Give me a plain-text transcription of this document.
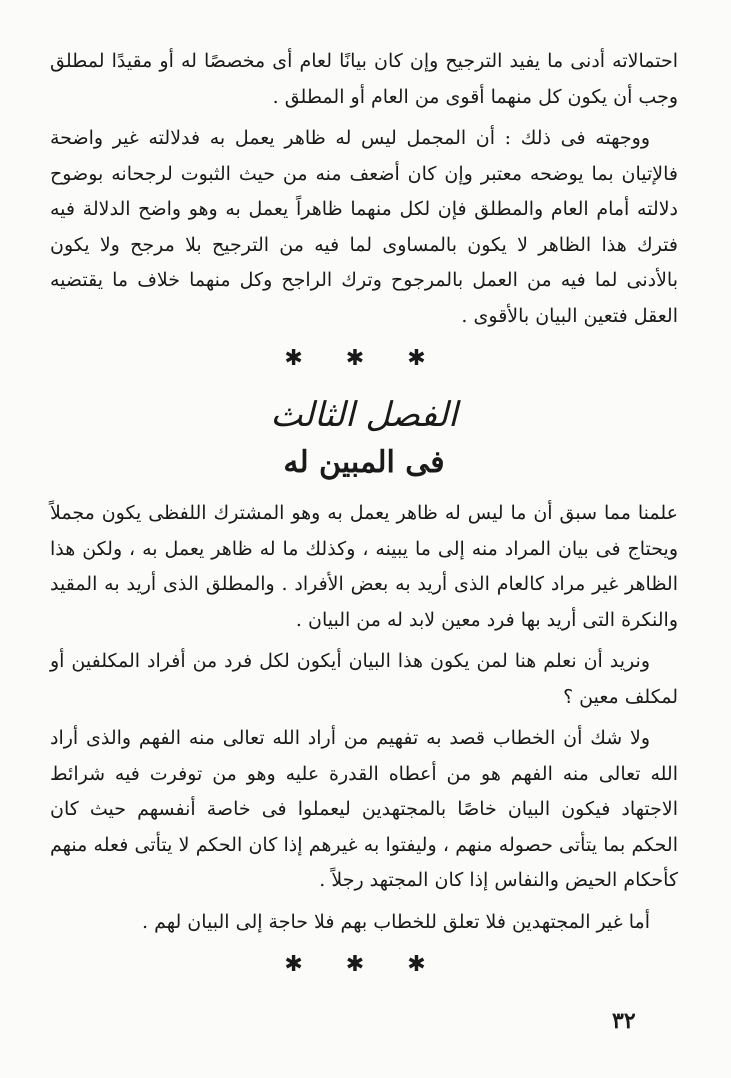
احتمالاته أدنى ما يفيد الترجيح وإن كان بيانًا لعام أى مخصصًا له أو مقيدًا لمطلق وجب أن يكون كل منهما أقوى من العام أو المطلق .

ووجهته فى ذلك : أن المجمل ليس له ظاهر يعمل به فدلالته غير واضحة فالإتيان بما يوضحه معتبر وإن كان أضعف منه من حيث الثبوت لرجحانه بوضوح دلالته أمام العام والمطلق فإن لكل منهما ظاهراً يعمل به وهو واضح الدلالة فيه فترك هذا الظاهر لا يكون بالمساوى لما فيه من الترجيح بلا مرجح ولا يكون بالأدنى لما فيه من العمل بالمرجوح وترك الراجح وكل منهما خلاف ما يقتضيه العقل فتعين البيان بالأقوى .

✱ ✱ ✱
الفصل الثالث
فى المبين له

علمنا مما سبق أن ما ليس له ظاهر يعمل به وهو المشترك اللفظى يكون مجملاً ويحتاج فى بيان المراد منه إلى ما يبينه ، وكذلك ما له ظاهر يعمل به ، ولكن هذا الظاهر غير مراد كالعام الذى أريد به بعض الأفراد . والمطلق الذى أريد به المقيد والنكرة التى أريد بها فرد معين لابد له من البيان .

ونريد أن نعلم هنا لمن يكون هذا البيان أيكون لكل فرد من أفراد المكلفين أو لمكلف معين ؟

ولا شك أن الخطاب قصد به تفهيم من أراد الله تعالى منه الفهم والذى أراد الله تعالى منه الفهم هو من أعطاه القدرة عليه وهو من توفرت فيه شرائط الاجتهاد فيكون البيان خاصًا بالمجتهدين ليعملوا فى خاصة أنفسهم حيث كان الحكم بما يتأتى حصوله منهم ، وليفتوا به غيرهم إذا كان الحكم لا يتأتى فعله منهم كأحكام الحيض والنفاس إذا كان المجتهد رجلاً .

أما غير المجتهدين فلا تعلق للخطاب بهم فلا حاجة إلى البيان لهم .

✱ ✱ ✱
٣٢
